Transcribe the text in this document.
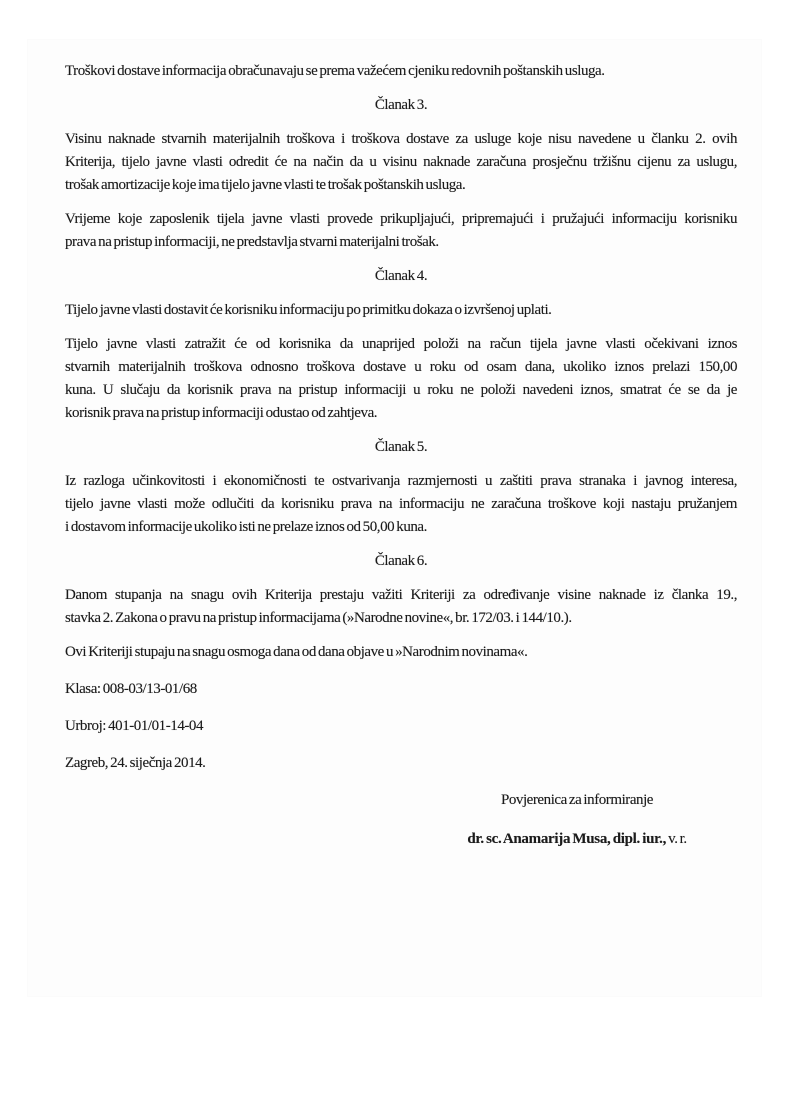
Troškovi dostave informacija obračunavaju se prema važećem cjeniku redovnih poštanskih usluga.
Članak 3.
Visinu naknade stvarnih materijalnih troškova i troškova dostave za usluge koje nisu navedene u članku 2. ovih
Kriterija, tijelo javne vlasti odredit će na način da u visinu naknade zaračuna prosječnu tržišnu cijenu za uslugu,
trošak amortizacije koje ima tijelo javne vlasti te trošak poštanskih usluga.
Vrijeme koje zaposlenik tijela javne vlasti provede prikupljajući, pripremajući i pružajući informaciju korisniku
prava na pristup informaciji, ne predstavlja stvarni materijalni trošak.
Članak 4.
Tijelo javne vlasti dostavit će korisniku informaciju po primitku dokaza o izvršenoj uplati.
Tijelo javne vlasti zatražit će od korisnika da unaprijed položi na račun tijela javne vlasti očekivani iznos
stvarnih materijalnih troškova odnosno troškova dostave u roku od osam dana, ukoliko iznos prelazi 150,00
kuna. U slučaju da korisnik prava na pristup informaciji u roku ne položi navedeni iznos, smatrat će se da je
korisnik prava na pristup informaciji odustao od zahtjeva.
Članak 5.
Iz razloga učinkovitosti i ekonomičnosti te ostvarivanja razmjernosti u zaštiti prava stranaka i javnog interesa,
tijelo javne vlasti može odlučiti da korisniku prava na informaciju ne zaračuna troškove koji nastaju pružanjem
i dostavom informacije ukoliko isti ne prelaze iznos od 50,00 kuna.
Članak 6.
Danom stupanja na snagu ovih Kriterija prestaju važiti Kriteriji za određivanje visine naknade iz članka 19.,
stavka 2. Zakona o pravu na pristup informacijama (»Narodne novine«, br. 172/03. i 144/10.).
Ovi Kriteriji stupaju na snagu osmoga dana od dana objave u »Narodnim novinama«.
Klasa: 008-03/13-01/68
Urbroj: 401-01/01-14-04
Zagreb, 24. siječnja 2014.
Povjerenica za informiranje
dr. sc. Anamarija Musa, dipl. iur., v. r.
